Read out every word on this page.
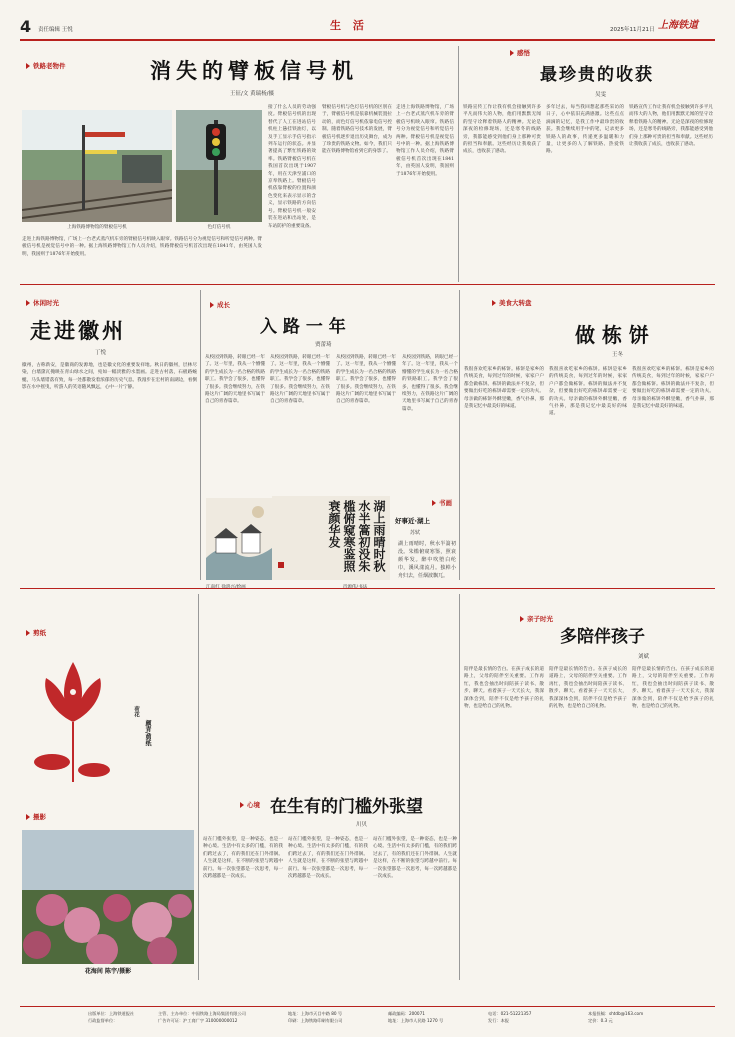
4 责任编辑 王悦	生 活	2025年11月21日 上海铁道
铁路老物件	消失的臂板信号机
王征/文 黄瑞杨/摄
上海铁路博物馆的臂板信号机	色灯信号机
走进上海铁路博物馆，广场上一台老式蒸汽机车旁的臂板信号机映入眼帘。铁路信号分为视觉信号和听觉信号两种。臂板信号机是视觉信号中的一种。据上海铁路博物馆工作人员介绍，铁路臂板信号机首次出现在1841年，由英国人发明，我国则于1876年开始使用。
接了什么人员的劳动强度。臂板信号机的出现替代了人工在进站信号机柱上悬挂铁油灯，以及手工显示手信号指示列车运行的状态。并显著提高了繁忙铁路的效率。铁路臂板信号机在我国首次出现于1907年，用在天津至浦口的京奉铁路上。臂板信号机依靠臂板的位置和颜色变化来表示显示的含义，显示铁路的方向信号。臂板信号机一般安装在进站和出站处，是车站防护的重要设备。
臂板信号机与色灯信号机的区别在于，臂板信号机是依靠机械装置拉动的，而色灯信号机依靠电信号控制。随着铁路信号技术的发展，臂板信号机逐步退出历史舞台，成为了珍贵的铁路文物。如今，我们只能在铁路博物馆看到它的身影了。
走进上海铁路博物馆，广场上一台老式蒸汽机车旁的臂板信号机映入眼帘。铁路信号分为视觉信号和听觉信号两种。臂板信号机是视觉信号中的一种。据上海铁路博物馆工作人员介绍，铁路臂板信号机首次出现在1841年，由英国人发明，我国则于1876年开始使用。
感悟
最珍贵的收获
吴雯
铁路宣传工作让我有机会接触到许多平凡而伟大的人物，他们用默默无闻的坚守诠释着铁路人的精神。无论是深夜的检修现场，还是寒冬的线路旁，我都能感受到他们身上那种可贵的担当和奉献。这些经历让我收获了成长，也收获了感动。
多年过去，每当我回想起那些采访的日子，心中依旧充满感激。这些点点滴滴的记忆，是我工作中最珍贵的收获。我会继续用手中的笔，记录更多铁路人的故事，传递更多温暖和力量，让更多的人了解铁路、热爱铁路。
铁路宣传工作让我有机会接触到许多平凡而伟大的人物，他们用默默无闻的坚守诠释着铁路人的精神。无论是深夜的检修现场，还是寒冬的线路旁，我都能感受到他们身上那种可贵的担当和奉献。这些经历让我收获了成长，也收获了感动。
休闲时光
走进徽州
丁悦
徽州，古称新安，是徽商的发源地，也是徽文化的重要发祥地。秋日的徽州，层林尽染，白墙黛瓦掩映在青山绿水之间，宛如一幅淡雅的水墨画。走进古村落，石板路蜿蜒，马头墙错落有致，每一处都散发着浓郁的历史气息。我漫步在宏村的南湖边，看倒影在水中摇曳，听游人的笑语随风飘远，心中一片宁静。
成长
入 路 一 年
贾蕾琦
从校园到铁路，转眼已经一年了。这一年里，我从一个懵懂的学生成长为一名合格的铁路职工。我学会了很多，也懂得了很多。我会继续努力，在铁路这片广阔的天地里书写属于自己的青春篇章。
从校园到铁路，转眼已经一年了。这一年里，我从一个懵懂的学生成长为一名合格的铁路职工。我学会了很多，也懂得了很多。我会继续努力，在铁路这片广阔的天地里书写属于自己的青春篇章。
从校园到铁路，转眼已经一年了。这一年里，我从一个懵懂的学生成长为一名合格的铁路职工。我学会了很多，也懂得了很多。我会继续努力，在铁路这片广阔的天地里书写属于自己的青春篇章。
从校园到铁路，转眼已经一年了。这一年里，我从一个懵懂的学生成长为一名合格的铁路职工。我学会了很多，也懂得了很多。我会继续努力，在铁路这片广阔的天地里书写属于自己的青春篇章。
书画
湖上雨晴时秋水半篙初没朱槛俯窥寒鉴照衰颜华发	好事近·湖上
苏轼
湖上雨晴时，秋水半篙初没。朱槛俯窥寒鉴，照衰颜华发。醉中吹堕白纶巾，溪风漾流月。独棹小舟归去，任烟波飘兀。
美食大转盘
做 栋 饼
王冬
我很喜欢吃家乡的栋饼。栋饼是家乡的传统美食，每到过年的时候，家家户户都会做栋饼。栋饼的做法并不复杂，但要做出好吃的栋饼却需要一定的功夫。母亲做的栋饼外酥里嫩，香气扑鼻，那是我记忆中最美好的味道。
我很喜欢吃家乡的栋饼。栋饼是家乡的传统美食，每到过年的时候，家家户户都会做栋饼。栋饼的做法并不复杂，但要做出好吃的栋饼却需要一定的功夫。母亲做的栋饼外酥里嫩，香气扑鼻，那是我记忆中最美好的味道。
我很喜欢吃家乡的栋饼。栋饼是家乡的传统美食，每到过年的时候，家家户户都会做栋饼。栋饼的做法并不复杂，但要做出好吃的栋饼却需要一定的功夫。母亲做的栋饼外酥里嫩，香气扑鼻，那是我记忆中最美好的味道。
剪纸
荷花
颜青/剪纸
摄影
花海间 陈宇/摄影
心境 在生有的门槛外张望
川贝
站在门槛外张望，是一种姿态，也是一种心境。生活中有太多的门槛，有的我们跨过去了，有的我们还在门外徘徊。人生就是这样，在不断的张望与跨越中前行。每一次张望都是一次思考，每一次跨越都是一次成长。
站在门槛外张望，是一种姿态，也是一种心境。生活中有太多的门槛，有的我们跨过去了，有的我们还在门外徘徊。人生就是这样，在不断的张望与跨越中前行。每一次张望都是一次思考，每一次跨越都是一次成长。
站在门槛外张望，是一种姿态，也是一种心境。生活中有太多的门槛，有的我们跨过去了，有的我们还在门外徘徊。人生就是这样，在不断的张望与跨越中前行。每一次张望都是一次思考，每一次跨越都是一次成长。
亲子时光
多陪伴孩子
刘斌
陪伴是最长情的告白。在孩子成长的道路上，父母的陪伴至关重要。工作再忙，我也会抽出时间陪孩子读书、散步、聊天。看着孩子一天天长大，我深深体会到，陪伴不仅是给予孩子的礼物，也是给自己的礼物。
陪伴是最长情的告白。在孩子成长的道路上，父母的陪伴至关重要。工作再忙，我也会抽出时间陪孩子读书、散步、聊天。看着孩子一天天长大，我深深体会到，陪伴不仅是给予孩子的礼物，也是给自己的礼物。
陪伴是最长情的告白。在孩子成长的道路上，父母的陪伴至关重要。工作再忙，我也会抽出时间陪孩子读书、散步、聊天。看着孩子一天天长大，我深深体会到，陪伴不仅是给予孩子的礼物，也是给自己的礼物。
出版单位：上海铁道报社
行政监督单位：
主管、主办单位：中国铁路上海局集团有限公司
广告许可证：沪工商广字 310000000012
地址：上海市天目中路 80 号
印刷：上海铁路印刷有限公司
邮政编码：200071
地址：上海市人民路 1270 号
电话：021-51221357
发行：本报
本报投稿：shtdb@163.com
定价：0.3 元
